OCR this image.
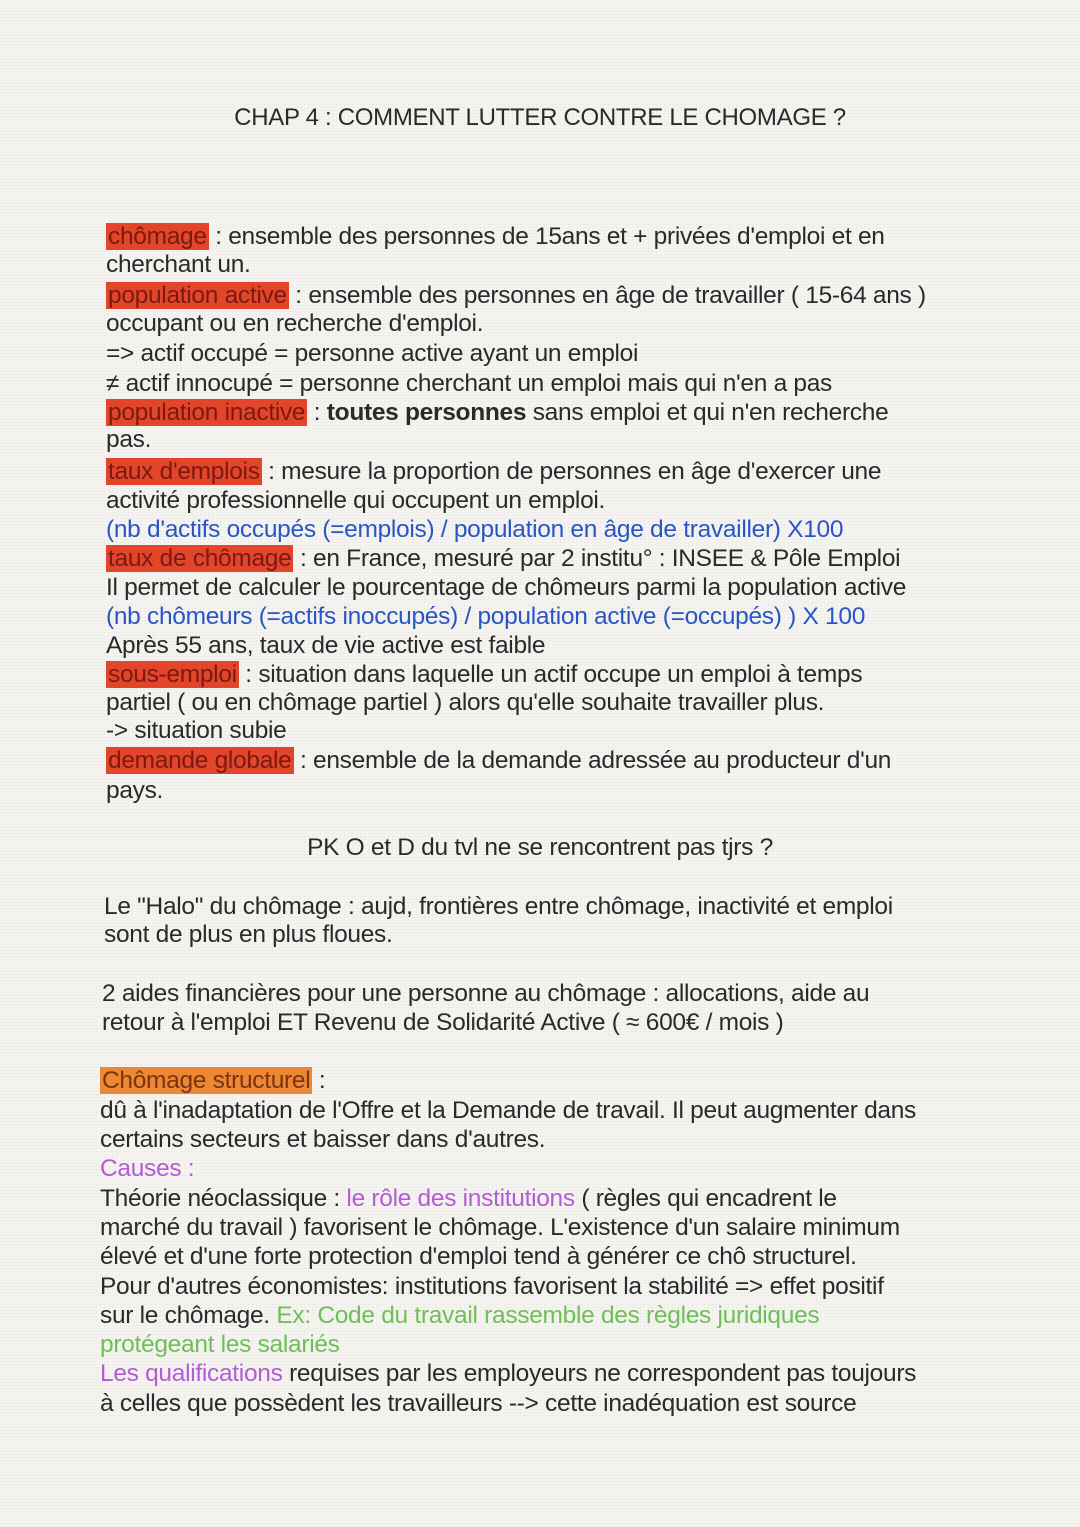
CHAP 4 : COMMENT LUTTER CONTRE LE CHOMAGE ?
chômage : ensemble des personnes de 15ans et + privées d'emploi et en
cherchant un.
population active : ensemble des personnes en âge de travailler ( 15-64 ans )
occupant ou en recherche d'emploi.
=> actif occupé = personne active ayant un emploi
≠ actif innocupé = personne cherchant un emploi mais qui n'en a pas
population inactive : toutes personnes sans emploi et qui n'en recherche
pas.
taux d'emplois : mesure la proportion de personnes en âge d'exercer une
activité professionnelle qui occupent un emploi.
(nb d'actifs occupés (=emplois) / population en âge de travailler) X100
taux de chômage : en France, mesuré par 2 institu° : INSEE & Pôle Emploi
Il permet de calculer le pourcentage de chômeurs parmi la population active
(nb chômeurs (=actifs inoccupés) / population active (=occupés) ) X 100
Après 55 ans, taux de vie active est faible
sous-emploi : situation dans laquelle un actif occupe un emploi à temps
partiel ( ou en chômage partiel ) alors qu'elle souhaite travailler plus.
-> situation subie
demande globale : ensemble de la demande adressée au producteur d'un
pays.
PK O et D du tvl ne se rencontrent pas tjrs ?
Le "Halo" du chômage : aujd, frontières entre chômage, inactivité et emploi
sont de plus en plus floues.
2 aides financières pour une personne au chômage : allocations, aide au
retour à l'emploi ET Revenu de Solidarité Active ( ≈ 600€ / mois )
Chômage structurel :
dû à l'inadaptation de l'Offre et la Demande de travail. Il peut augmenter dans
certains secteurs et baisser dans d'autres.
Causes :
Théorie néoclassique : le rôle des institutions ( règles qui encadrent le
marché du travail ) favorisent le chômage. L'existence d'un salaire minimum
élevé et d'une forte protection d'emploi tend à générer ce chô structurel.
Pour d'autres économistes: institutions favorisent la stabilité => effet positif
sur le chômage. Ex: Code du travail rassemble des règles juridiques
protégeant les salariés
Les qualifications requises par les employeurs ne correspondent pas toujours
à celles que possèdent les travailleurs --> cette inadéquation est source
